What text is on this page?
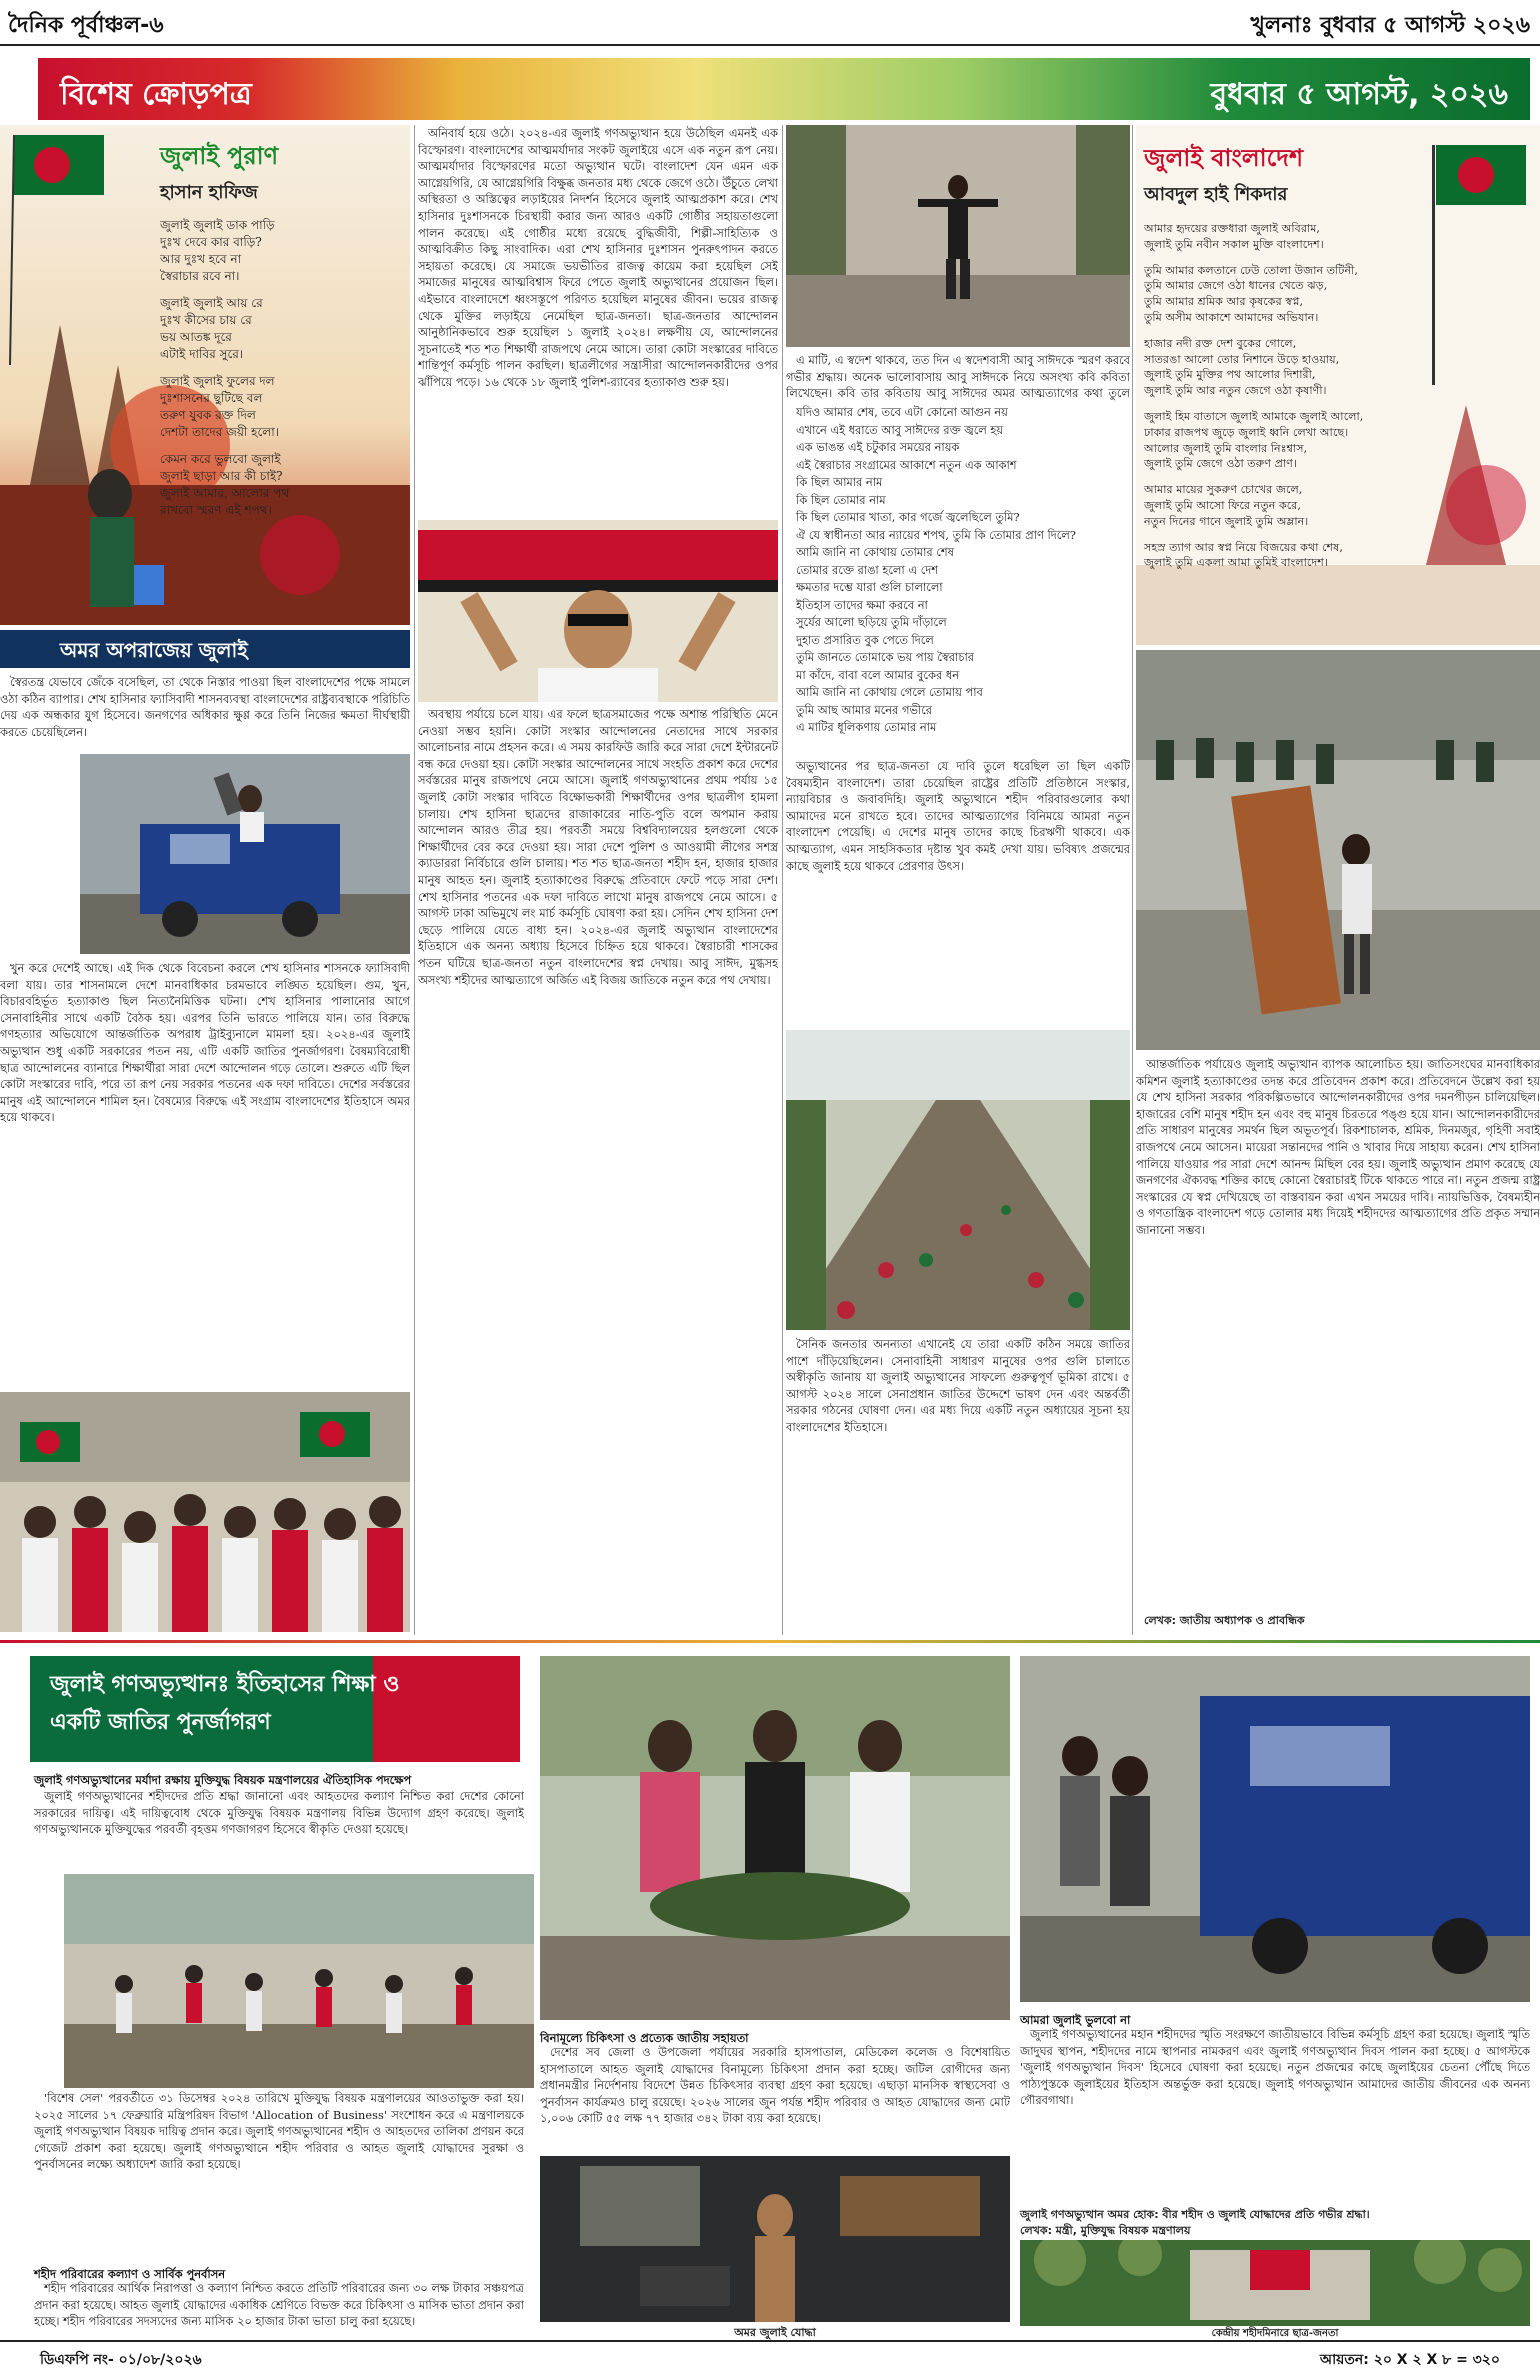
দৈনিক পূর্বাঞ্চল-৬	খুলনাঃ বুধবার ৫ আগস্ট ২০২৬
বিশেষ ক্রোড়পত্র	বুধবার ৫ আগস্ট, ২০২৬
জুলাই পুরাণ
হাসান হাফিজ
জুলাই জুলাই ডাক পাড়ি
দুঃখ দেবে কার বাড়ি?
আর দুঃখ হবে না
স্বৈরাচার রবে না।
জুলাই জুলাই আয় রে
দুঃখ কীসের চায় রে
ভয় আতঙ্ক দূরে
এটাই দাবির সুরে।
জুলাই জুলাই ফুলের দল
দুঃশাসনের ছুটিছে বল
তরুণ যুবক রক্ত দিল
দেশটা তাদের জয়ী হলো।
কেমন করে ভুলবো জুলাই
জুলাই ছাড়া আর কী চাই?
জুলাই আমার, আলোর পথ
রাখবো স্মরণ এই শপথ।
অমর অপরাজেয় জুলাই

স্বৈরতন্ত্র যেভাবে জেঁকে বসেছিল, তা থেকে নিস্তার পাওয়া ছিল বাংলাদেশের পক্ষে সামলে ওঠা কঠিন ব্যাপার। শেখ হাসিনার ফ্যাসিবাদী শাসনব্যবস্থা বাংলাদেশের রাষ্ট্রব্যবস্থাকে পরিচিতি দেয় এক অন্ধকার যুগ হিসেবে। জনগণের অধিকার ক্ষুণ্ণ করে তিনি নিজের ক্ষমতা দীর্ঘস্থায়ী করতে চেয়েছিলেন।

খুন করে দেশেই আছে। এই দিক থেকে বিবেচনা করলে শেখ হাসিনার শাসনকে ফ্যাসিবাদী বলা যায়। তার শাসনামলে দেশে মানবাধিকার চরমভাবে লঙ্ঘিত হয়েছিল। গুম, খুন, বিচারবহির্ভূত হত্যাকাণ্ড ছিল নিত্যনৈমিত্তিক ঘটনা। শেখ হাসিনার পালানোর আগে সেনাবাহিনীর সাথে একটি বৈঠক হয়। এরপর তিনি ভারতে পালিয়ে যান। তার বিরুদ্ধে গণহত্যার অভিযোগে আন্তর্জাতিক অপরাধ ট্রাইব্যুনালে মামলা হয়। ২০২৪-এর জুলাই অভ্যুত্থান শুধু একটি সরকারের পতন নয়, এটি একটি জাতির পুনর্জাগরণ। বৈষম্যবিরোধী ছাত্র আন্দোলনের ব্যানারে শিক্ষার্থীরা সারা দেশে আন্দোলন গড়ে তোলে। শুরুতে এটি ছিল কোটা সংস্কারের দাবি, পরে তা রূপ নেয় সরকার পতনের এক দফা দাবিতে। দেশের সর্বস্তরের মানুষ এই আন্দোলনে শামিল হন। বৈষম্যের বিরুদ্ধে এই সংগ্রাম বাংলাদেশের ইতিহাসে অমর হয়ে থাকবে।

অনিবার্য হয়ে ওঠে। ২০২৪-এর জুলাই গণঅভ্যুত্থান হয়ে উঠেছিল এমনই এক বিস্ফোরণ। বাংলাদেশের আত্মমর্যাদার সংকট জুলাইয়ে এসে এক নতুন রূপ নেয়। আত্মমর্যাদার বিস্ফোরণের মতো অভ্যুত্থান ঘটে। বাংলাদেশ যেন এমন এক আগ্নেয়গিরি, যে আগ্নেয়গিরি বিক্ষুব্ধ জনতার মধ্য থেকে জেগে ওঠে। উঁচুতে লেখা অস্থিরতা ও অস্তিত্বের লড়াইয়ের নিদর্শন হিসেবে জুলাই আত্মপ্রকাশ করে। শেখ হাসিনার দুঃশাসনকে চিরস্থায়ী করার জন্য আরও একটি গোষ্ঠীর সহায়তাগুলো পালন করেছে। এই গোষ্ঠীর মধ্যে রয়েছে বুদ্ধিজীবী, শিল্পী-সাহিত্যিক ও আত্মবিক্রীত কিছু সাংবাদিক। এরা শেখ হাসিনার দুঃশাসন পুনরুৎপাদন করতে সহায়তা করেছে। যে সমাজে ভয়ভীতির রাজত্ব কায়েম করা হয়েছিল সেই সমাজের মানুষের আত্মবিশ্বাস ফিরে পেতে জুলাই অভ্যুত্থানের প্রয়োজন ছিল। এইভাবে বাংলাদেশে ধ্বংসস্তূপে পরিণত হয়েছিল মানুষের জীবন। ভয়ের রাজত্ব থেকে মুক্তির লড়াইয়ে নেমেছিল ছাত্র-জনতা। ছাত্র-জনতার আন্দোলন আনুষ্ঠানিকভাবে শুরু হয়েছিল ১ জুলাই ২০২৪। লক্ষণীয় যে, আন্দোলনের সূচনাতেই শত শত শিক্ষার্থী রাজপথে নেমে আসে। তারা কোটা সংস্কারের দাবিতে শান্তিপূর্ণ কর্মসূচি পালন করছিল। ছাত্রলীগের সন্ত্রাসীরা আন্দোলনকারীদের ওপর ঝাঁপিয়ে পড়ে। ১৬ থেকে ১৮ জুলাই পুলিশ-র‍্যাবের হত্যাকাণ্ড শুরু হয়।

অবস্থায় পর্যায়ে চলে যায়। এর ফলে ছাত্রসমাজের পক্ষে অশান্ত পরিস্থিতি মেনে নেওয়া সম্ভব হয়নি। কোটা সংস্কার আন্দোলনের নেতাদের সাথে সরকার আলোচনার নামে প্রহসন করে। এ সময় কারফিউ জারি করে সারা দেশে ইন্টারনেট বন্ধ করে দেওয়া হয়। কোটা সংস্কার আন্দোলনের সাথে সংহতি প্রকাশ করে দেশের সর্বস্তরের মানুষ রাজপথে নেমে আসে। জুলাই গণঅভ্যুত্থানের প্রথম পর্যায় ১৫ জুলাই কোটা সংস্কার দাবিতে বিক্ষোভকারী শিক্ষার্থীদের ওপর ছাত্রলীগ হামলা চালায়। শেখ হাসিনা ছাত্রদের রাজাকারের নাতি-পুতি বলে অপমান করায় আন্দোলন আরও তীব্র হয়। পরবর্তী সময়ে বিশ্ববিদ্যালয়ের হলগুলো থেকে শিক্ষার্থীদের বের করে দেওয়া হয়। সারা দেশে পুলিশ ও আওয়ামী লীগের সশস্ত্র ক্যাডাররা নির্বিচারে গুলি চালায়। শত শত ছাত্র-জনতা শহীদ হন, হাজার হাজার মানুষ আহত হন। জুলাই হত্যাকাণ্ডের বিরুদ্ধে প্রতিবাদে ফেটে পড়ে সারা দেশ। শেখ হাসিনার পতনের এক দফা দাবিতে লাখো মানুষ রাজপথে নেমে আসে। ৫ আগস্ট ঢাকা অভিমুখে লং মার্চ কর্মসূচি ঘোষণা করা হয়। সেদিন শেখ হাসিনা দেশ ছেড়ে পালিয়ে যেতে বাধ্য হন। ২০২৪-এর জুলাই অভ্যুত্থান বাংলাদেশের ইতিহাসে এক অনন্য অধ্যায় হিসেবে চিহ্নিত হয়ে থাকবে। স্বৈরাচারী শাসকের পতন ঘটিয়ে ছাত্র-জনতা নতুন বাংলাদেশের স্বপ্ন দেখায়। আবু সাঈদ, মুগ্ধসহ অসংখ্য শহীদের আত্মত্যাগে অর্জিত এই বিজয় জাতিকে নতুন করে পথ দেখায়।

এ মাটি, এ স্বদেশ থাকবে, তত দিন এ স্বদেশবাসী আবু সাঈদকে স্মরণ করবে গভীর শ্রদ্ধায়। অনেক ভালোবাসায় আবু সাঈদকে নিয়ে অসংখ্য কবি কবিতা লিখেছেন। কবি তার কবিতায় আবু সাঈদের অমর আত্মত্যাগের কথা তুলে

যদিও আমার শেষ, তবে এটা কোনো আগুন নয়
এখানে এই ধরাতে আবু সাঈদের রক্ত জ্বলে হয়
এক ভাঙন্ত এই চটুকার সময়ের নায়ক
এই স্বৈরাচার সংগ্রামের আকাশে নতুন এক আকাশ
কি ছিল আমার নাম
কি ছিল তোমার নাম
কি ছিল তোমার খাতা, কার গর্জে জ্বলেছিলে তুমি?
ঐ যে স্বাধীনতা আর ন্যায়ের শপথ, তুমি কি তোমার প্রাণ দিলে?
আমি জানি না কোথায় তোমার শেষ
তোমার রক্তে রাঙা হলো এ দেশ
ক্ষমতার দম্ভে যারা গুলি চালালো
ইতিহাস তাদের ক্ষমা করবে না
সুর্যের আলো ছড়িয়ে তুমি দাঁড়ালে
দুহাত প্রসারিত বুক পেতে দিলে
তুমি জানতে তোমাকে ভয় পায় স্বৈরাচার
মা কাঁদে, বাবা বলে আমার বুকের ধন
আমি জানি না কোথায় গেলে তোমায় পাব
তুমি আছ আমার মনের গভীরে
এ মাটির ধূলিকণায় তোমার নাম

অভ্যুত্থানের পর ছাত্র-জনতা যে দাবি তুলে ধরেছিল তা ছিল একটি বৈষম্যহীন বাংলাদেশ। তারা চেয়েছিল রাষ্ট্রের প্রতিটি প্রতিষ্ঠানে সংস্কার, ন্যায়বিচার ও জবাবদিহি। জুলাই অভ্যুত্থানে শহীদ পরিবারগুলোর কথা আমাদের মনে রাখতে হবে। তাদের আত্মত্যাগের বিনিময়ে আমরা নতুন বাংলাদেশ পেয়েছি। এ দেশের মানুষ তাদের কাছে চিরঋণী থাকবে। এক আত্মত্যাগ, এমন সাহসিকতার দৃষ্টান্ত খুব কমই দেখা যায়। ভবিষ্যৎ প্রজন্মের কাছে জুলাই হয়ে থাকবে প্রেরণার উৎস।

সৈনিক জনতার অনন্যতা এখানেই যে তারা একটি কঠিন সময়ে জাতির পাশে দাঁড়িয়েছিলেন। সেনাবাহিনী সাধারণ মানুষের ওপর গুলি চালাতে অস্বীকৃতি জানায় যা জুলাই অভ্যুত্থানের সাফল্যে গুরুত্বপূর্ণ ভূমিকা রাখে। ৫ আগস্ট ২০২৪ সালে সেনাপ্রধান জাতির উদ্দেশে ভাষণ দেন এবং অন্তর্বর্তী সরকার গঠনের ঘোষণা দেন। এর মধ্য দিয়ে একটি নতুন অধ্যায়ের সূচনা হয় বাংলাদেশের ইতিহাসে।

জুলাই বাংলাদেশ
আবদুল হাই শিকদার
আমার হৃদয়ের রক্তধারা জুলাই অবিরাম,
জুলাই তুমি নবীন সকাল মুক্তি বাংলাদেশ।
তুমি আমার কলতানে ঢেউ তোলা উজান তটিনী,
তুমি আমার জেগে ওঠা ধানের খেতে ঝড়,
তুমি আমার শ্রমিক আর কৃষকের স্বপ্ন,
তুমি অসীম আকাশে আমাদের অভিযান।
হাজার নদী রক্ত দেশ বুকের গোলে,
সাতরঙা আলো তোর নিশানে উড়ে হাওয়ায়,
জুলাই তুমি মুক্তির পথ আলোর দিশারী,
জুলাই তুমি আর নতুন জেগে ওঠা কৃষাণী।
জুলাই হিম বাতাসে জুলাই আমাকে জুলাই আলো,
ঢাকার রাজপথ জুড়ে জুলাই ধ্বনি লেখা আছে।
আলোর জুলাই তুমি বাংলার নিঃশ্বাস,
জুলাই তুমি জেগে ওঠা তরুণ প্রাণ।
আমার মায়ের সুকরুণ চোখের জলে,
জুলাই তুমি আসো ফিরে নতুন করে,
নতুন দিনের গানে জুলাই তুমি অম্লান।
সহস্র ত্যাগ আর স্বপ্ন নিয়ে বিজয়ের কথা শেষ,
জুলাই তুমি একলা আমা তুমিই বাংলাদেশ।

আন্তর্জাতিক পর্যায়েও জুলাই অভ্যুত্থান ব্যাপক আলোচিত হয়। জাতিসংঘের মানবাধিকার কমিশন জুলাই হত্যাকাণ্ডের তদন্ত করে প্রতিবেদন প্রকাশ করে। প্রতিবেদনে উল্লেখ করা হয় যে শেখ হাসিনা সরকার পরিকল্পিতভাবে আন্দোলনকারীদের ওপর দমনপীড়ন চালিয়েছিল। হাজারের বেশি মানুষ শহীদ হন এবং বহু মানুষ চিরতরে পঙ্গু হয়ে যান। আন্দোলনকারীদের প্রতি সাধারণ মানুষের সমর্থন ছিল অভূতপূর্ব। রিকশাচালক, শ্রমিক, দিনমজুর, গৃহিণী সবাই রাজপথে নেমে আসেন। মায়েরা সন্তানদের পানি ও খাবার দিয়ে সাহায্য করেন। শেখ হাসিনা পালিয়ে যাওয়ার পর সারা দেশে আনন্দ মিছিল বের হয়। জুলাই অভ্যুত্থান প্রমাণ করেছে যে জনগণের ঐক্যবদ্ধ শক্তির কাছে কোনো স্বৈরাচারই টিকে থাকতে পারে না। নতুন প্রজন্ম রাষ্ট্র সংস্কারের যে স্বপ্ন দেখিয়েছে তা বাস্তবায়ন করা এখন সময়ের দাবি। ন্যায়ভিত্তিক, বৈষম্যহীন ও গণতান্ত্রিক বাংলাদেশ গড়ে তোলার মধ্য দিয়েই শহীদদের আত্মত্যাগের প্রতি প্রকৃত সম্মান জানানো সম্ভব।

লেখক: জাতীয় অধ্যাপক ও প্রাবন্ধিক
জুলাই গণঅভ্যুত্থানঃ ইতিহাসের শিক্ষা ও একটি জাতির পুনর্জাগরণ
জুলাই গণঅভ্যুত্থানের মর্যাদা রক্ষায় মুক্তিযুদ্ধ বিষয়ক মন্ত্রণালয়ের ঐতিহাসিক পদক্ষেপ

জুলাই গণঅভ্যুত্থানের শহীদদের প্রতি শ্রদ্ধা জানানো এবং আহতদের কল্যাণ নিশ্চিত করা দেশের কোনো সরকারের দায়িত্ব। এই দায়িত্ববোধ থেকে মুক্তিযুদ্ধ বিষয়ক মন্ত্রণালয় বিভিন্ন উদ্যোগ গ্রহণ করেছে। জুলাই গণঅভ্যুত্থানকে মুক্তিযুদ্ধের পরবর্তী বৃহত্তম গণজাগরণ হিসেবে স্বীকৃতি দেওয়া হয়েছে।

'বিশেষ সেল' পরবর্তীতে ৩১ ডিসেম্বর ২০২৪ তারিখে মুক্তিযুদ্ধ বিষয়ক মন্ত্রণালয়ের আওতাভুক্ত করা হয়। ২০২৫ সালের ১৭ ফেব্রুয়ারি মন্ত্রিপরিষদ বিভাগ 'Allocation of Business' সংশোধন করে এ মন্ত্রণালয়কে জুলাই গণঅভ্যুত্থান বিষয়ক দায়িত্ব প্রদান করে। জুলাই গণঅভ্যুত্থানের শহীদ ও আহতদের তালিকা প্রণয়ন করে গেজেট প্রকাশ করা হয়েছে। জুলাই গণঅভ্যুত্থানে শহীদ পরিবার ও আহত জুলাই যোদ্ধাদের সুরক্ষা ও পুনর্বাসনের লক্ষ্যে অধ্যাদেশ জারি করা হয়েছে।

শহীদ পরিবারের কল্যাণ ও সার্বিক পুনর্বাসন

শহীদ পরিবারের আর্থিক নিরাপত্তা ও কল্যাণ নিশ্চিত করতে প্রতিটি পরিবারের জন্য ৩০ লক্ষ টাকার সঞ্চয়পত্র প্রদান করা হয়েছে। আহত জুলাই যোদ্ধাদের একাধিক শ্রেণিতে বিভক্ত করে চিকিৎসা ও মাসিক ভাতা প্রদান করা হচ্ছে। শহীদ পরিবারের সদস্যদের জন্য মাসিক ২০ হাজার টাকা ভাতা চালু করা হয়েছে।

বিনামূল্যে চিকিৎসা ও প্রত্যেক জাতীয় সহায়তা

দেশের সব জেলা ও উপজেলা পর্যায়ের সরকারি হাসপাতাল, মেডিকেল কলেজ ও বিশেষায়িত হাসপাতালে আহত জুলাই যোদ্ধাদের বিনামূল্যে চিকিৎসা প্রদান করা হচ্ছে। জটিল রোগীদের জন্য প্রধানমন্ত্রীর নির্দেশনায় বিদেশে উন্নত চিকিৎসার ব্যবস্থা গ্রহণ করা হয়েছে। এছাড়া মানসিক স্বাস্থ্যসেবা ও পুনর্বাসন কার্যক্রমও চালু রয়েছে। ২০২৬ সালের জুন পর্যন্ত শহীদ পরিবার ও আহত যোদ্ধাদের জন্য মোট ১,০০৬ কোটি ৫৫ লক্ষ ৭৭ হাজার ৩৪২ টাকা ব্যয় করা হয়েছে।

অমর জুলাই যোদ্ধা
আমরা জুলাই ভুলবো না

জুলাই গণঅভ্যুত্থানের মহান শহীদদের স্মৃতি সংরক্ষণে জাতীয়ভাবে বিভিন্ন কর্মসূচি গ্রহণ করা হয়েছে। জুলাই স্মৃতি জাদুঘর স্থাপন, শহীদদের নামে স্থাপনার নামকরণ এবং জুলাই গণঅভ্যুত্থান দিবস পালন করা হচ্ছে। ৫ আগস্টকে 'জুলাই গণঅভ্যুত্থান দিবস' হিসেবে ঘোষণা করা হয়েছে। নতুন প্রজন্মের কাছে জুলাইয়ের চেতনা পৌঁছে দিতে পাঠ্যপুস্তকে জুলাইয়ের ইতিহাস অন্তর্ভুক্ত করা হয়েছে। জুলাই গণঅভ্যুত্থান আমাদের জাতীয় জীবনের এক অনন্য গৌরবগাথা।

জুলাই গণঅভ্যুত্থান অমর হোক: বীর শহীদ ও জুলাই যোদ্ধাদের প্রতি গভীর শ্রদ্ধা।
লেখক: মন্ত্রী, মুক্তিযুদ্ধ বিষয়ক মন্ত্রণালয়
কেন্দ্রীয় শহীদমিনারে ছাত্র-জনতা
ডিএফপি নং- ০১/০৮/২০২৬	আয়তন: ২০ X ২ X ৮ = ৩২০
